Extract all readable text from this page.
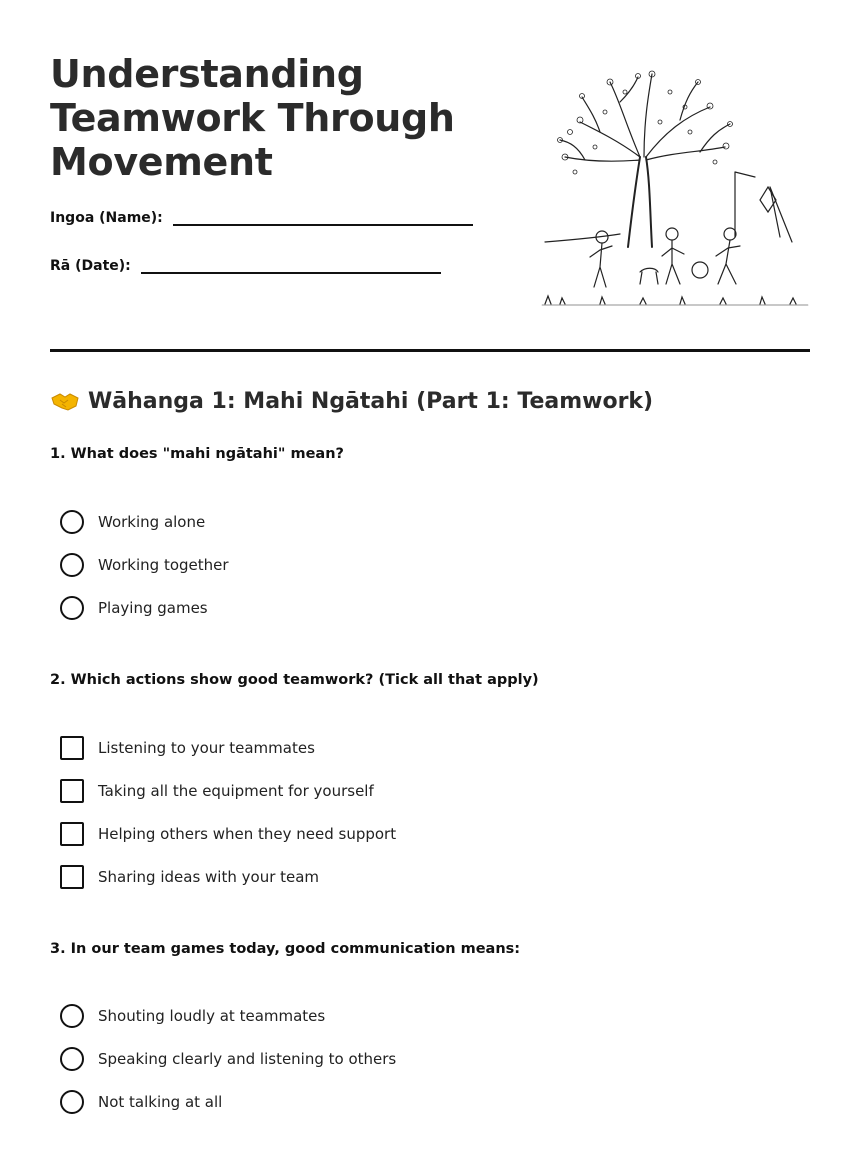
Understanding Teamwork Through Movement
Ingoa (Name):
Rā (Date):
Wāhanga 1: Mahi Ngātahi (Part 1: Teamwork)
1. What does "mahi ngātahi" mean?
Working alone
Working together
Playing games
2. Which actions show good teamwork? (Tick all that apply)
Listening to your teammates
Taking all the equipment for yourself
Helping others when they need support
Sharing ideas with your team
3. In our team games today, good communication means:
Shouting loudly at teammates
Speaking clearly and listening to others
Not talking at all
